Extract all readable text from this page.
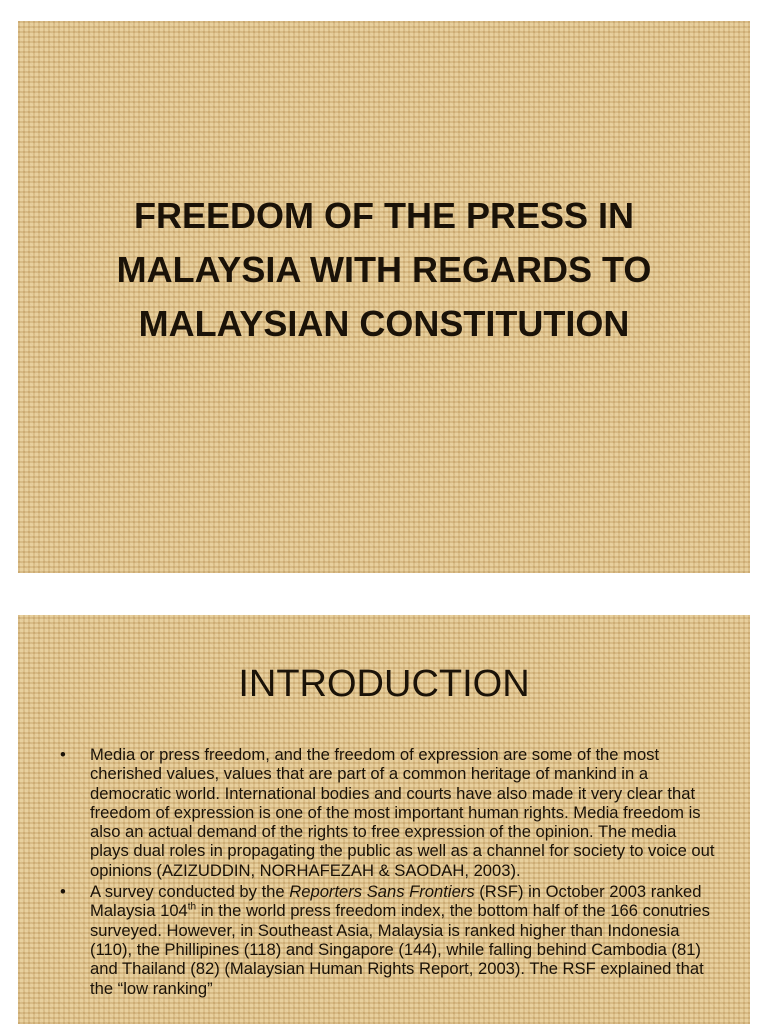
FREEDOM OF THE PRESS IN
MALAYSIA WITH REGARDS TO
MALAYSIAN CONSTITUTION
INTRODUCTION
• Media or press freedom, and the freedom of expression are some of the most cherished values, values that are part of a common heritage of mankind in a democratic world. International bodies and courts have also made it very clear that freedom of expression is one of the most important human rights. Media freedom is also an actual demand of the rights to free expression of the opinion. The media plays dual roles in propagating the public as well as a channel for society to voice out opinions (AZIZUDDIN, NORHAFEZAH & SAODAH, 2003).
• A survey conducted by the Reporters Sans Frontiers (RSF) in October 2003 ranked Malaysia 104th in the world press freedom index, the bottom half of the 166 conutries surveyed. However, in Southeast Asia, Malaysia is ranked higher than Indonesia (110), the Phillipines (118) and Singapore (144), while falling behind Cambodia (81) and Thailand (82) (Malaysian Human Rights Report, 2003). The RSF explained that the “low ranking”
